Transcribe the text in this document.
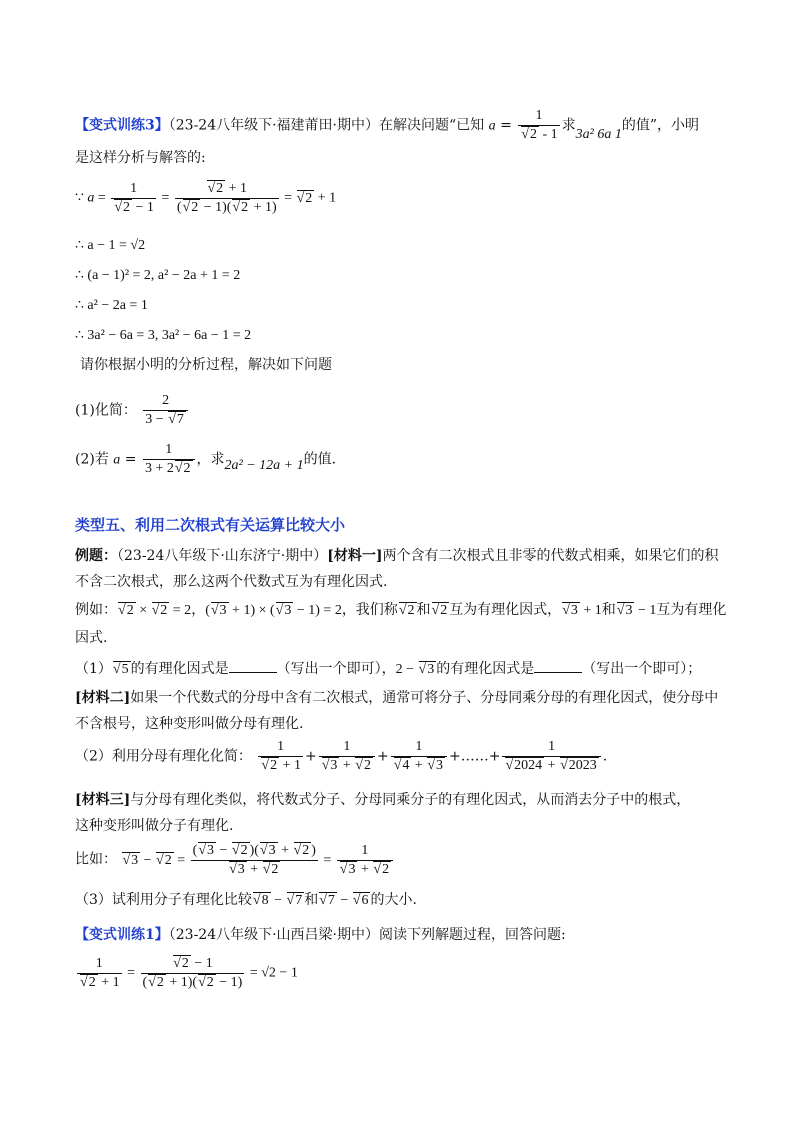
【变式训练3】（23-24八年级下·福建莆田·期中）在解决问题“已知 a = 1
√ 2 - 1 求3a² 6a 1的值”，小明
是这样分析与解答的:
∵ a = 1
√ 2 − 1 = √ $\frac{2 + 1}{( √ 2 - 1)( √ 2 + 1)}$ = √ 2 + 1
∴ a − 1 = √2
∴ (a − 1)² = 2, a² − 2a + 1 = 2
∴ a² − 2a = 1
∴ 3a² − 6a = 3, 3a² − 6a − 1 = 2
请你根据小明的分析过程，解决如下问题
(1)化简： $\frac{2}{3 - √ 7}$
(2)若 $a = \frac{1}{3 + 2 √ 2}$ ，求2a² − 12a + 1的值.
类型五、利用二次根式有关运算比较大小
例题：（23-24八年级下·山东济宁·期中）[材料一]两个含有二次根式且非零的代数式相乘，如果它们的积
不含二次根式，那么这两个代数式互为有理化因式.
例如： √ 2 × √ 2 = 2，( √ 3 + 1) × ( √ 3 − 1) = 2，我们称 √ 2 和 √ 2 互为有理化因式， √ 3 + 1和 √ 3 − 1互为有理化
因式.
（1） √ 5 的有理化因式是	（写出一个即可），2 − √ 3 的有理化因式是	（写出一个即可）；
[材料二]如果一个代数式的分母中含有二次根式，通常可将分子、分母同乘分母的有理化因式，使分母中
不含根号，这种变形叫做分母有理化.
（2）利用分母有理化化简： 1
√ 2 + 1 + 1
√ 3 + √ 2 + 1
√ 4 + √ 3 +……+ 1
√ 2024 + √ 2023 .
[材料三]与分母有理化类似，将代数式分子、分母同乘分子的有理化因式，从而消去分子中的根式，
这种变形叫做分子有理化.
比如： √ 3 − √ 2 = ( √ 3 − √ 2 )( √ 3 + √ 2 )
√ 3 + √ 2 = 1
√ 3 + √ 2
（3）试利用分子有理化比较 √ 8 − √ 7 和 √ 7 − √ 6 的大小.
【变式训练1】（23-24八年级下·山西吕梁·期中）阅读下列解题过程，回答问题:
1
√ 2 + 1 = √ $\frac{2 - 1}{( √ 2 + 1)( √ 2 - 1)} = √2 - 1$
